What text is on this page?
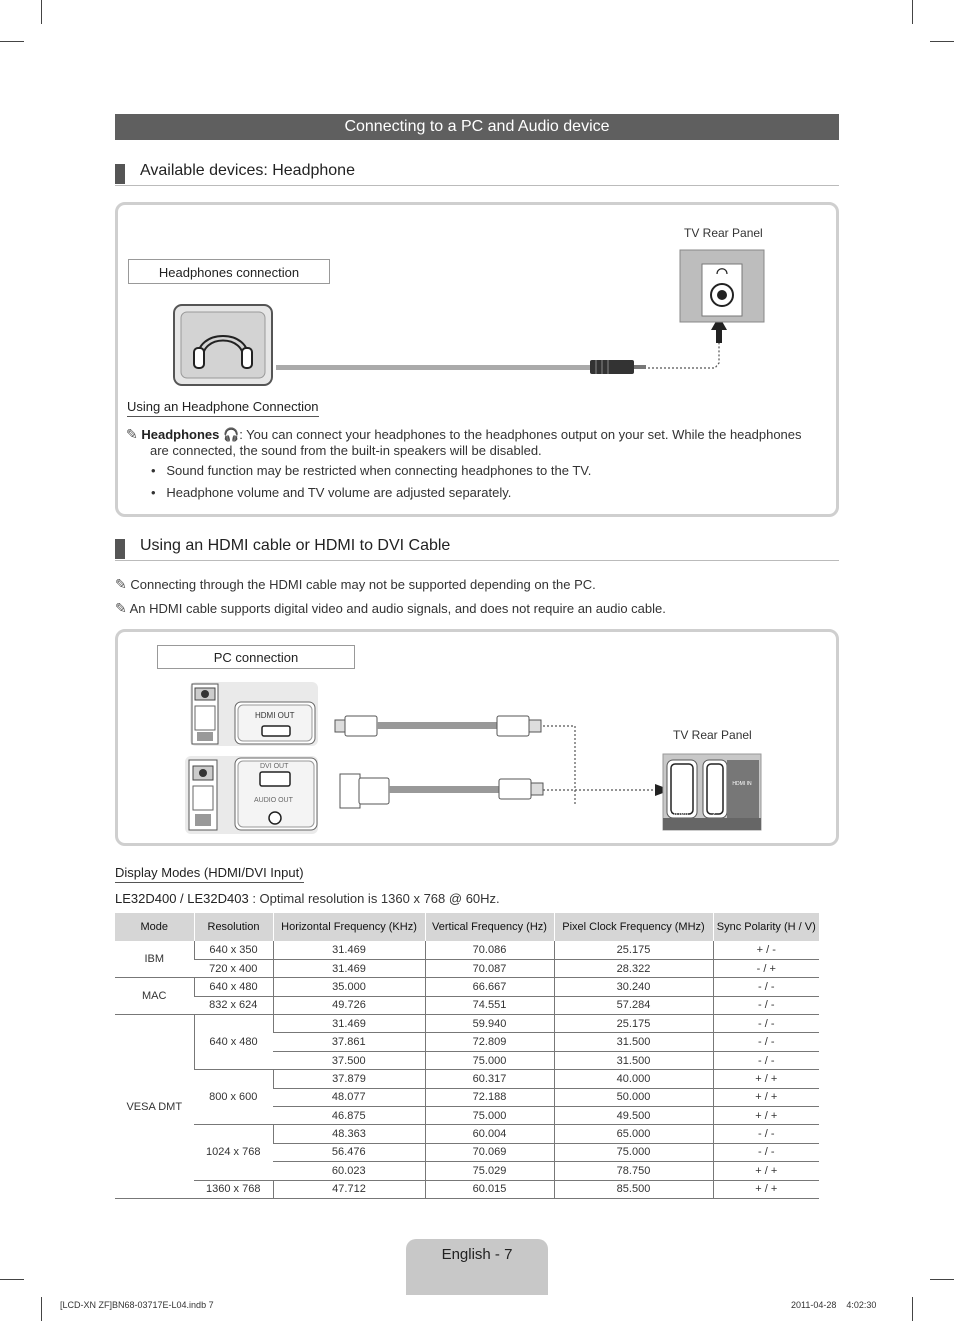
Connecting to a PC and Audio device
Available devices: Headphone
TV Rear Panel
Headphones connection
Using an Headphone Connection
✎ Headphones 🎧: You can connect your headphones to the headphones output on your set. While the headphones
are connected, the sound from the built-in speakers will be disabled.
•   Sound function may be restricted when connecting headphones to the TV.
•   Headphone volume and TV volume are adjusted separately.
Using an HDMI cable or HDMI to DVI Cable
✎ Connecting through the HDMI cable may not be supported depending on the PC.
✎ An HDMI cable supports digital video and audio signals, and does not require an audio cable.
PC connection
HDMI OUT
DVI OUT
AUDIO OUT
TV Rear Panel
HDMI IN
1 (DVI)	2
Display Modes (HDMI/DVI Input)
LE32D400 / LE32D403 : Optimal resolution is 1360 x 768 @ 60Hz.
Mode	Resolution	Horizontal Frequency (KHz)	Vertical Frequency (Hz)	Pixel Clock Frequency (MHz)	Sync Polarity (H / V)
IBM	640 x 350	31.469	70.086	25.175	+ / -
	720 x 400	31.469	70.087	28.322	- / +
MAC	640 x 480	35.000	66.667	30.240	- / -
	832 x 624	49.726	74.551	57.284	- / -
VESA DMT	640 x 480	31.469	59.940	25.175	- / -
		37.861	72.809	31.500	- / -
		37.500	75.000	31.500	- / -
	800 x 600	37.879	60.317	40.000	+ / +
		48.077	72.188	50.000	+ / +
		46.875	75.000	49.500	+ / +
	1024 x 768	48.363	60.004	65.000	- / -
		56.476	70.069	75.000	- / -
		60.023	75.029	78.750	+ / +
	1360 x 768	47.712	60.015	85.500	+ / +
English - 7
[LCD-XN ZF]BN68-03717E-L04.indb 7	2011-04-28    4:02:30
